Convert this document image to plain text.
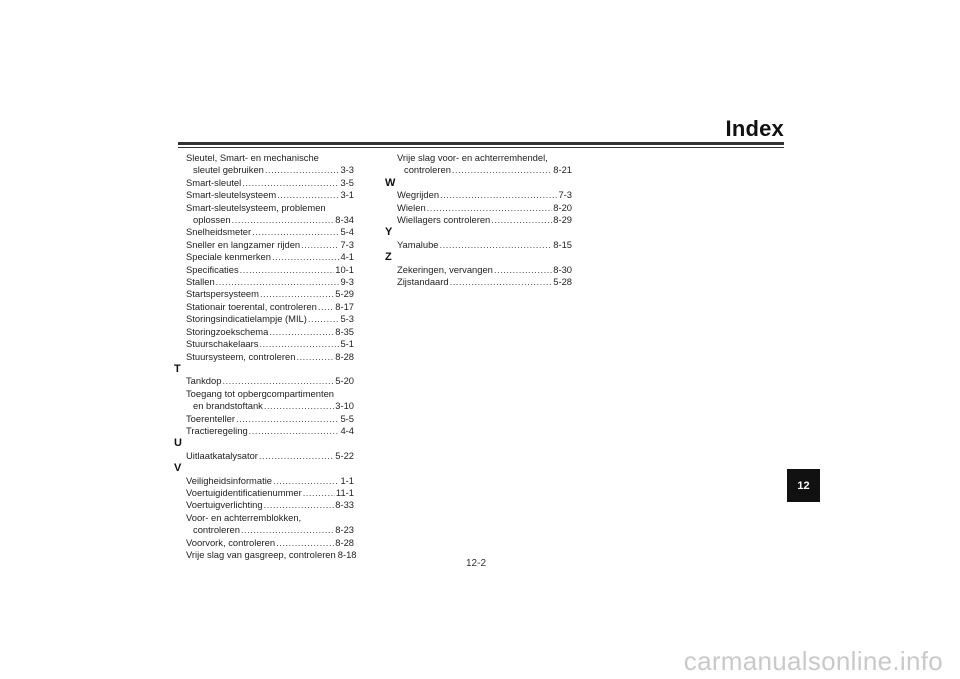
Index
Sleutel, Smart- en mechanische
sleutel gebruiken .....	3-3
Smart-sleutel .....	3-5
Smart-sleutelsysteem .....	3-1
Smart-sleutelsysteem, problemen
oplossen .....	8-34
Snelheidsmeter .....	5-4
Sneller en langzamer rijden .....	7-3
Speciale kenmerken .....	4-1
Specificaties .....	10-1
Stallen .....	9-3
Startspersysteem .....	5-29
Stationair toerental, controleren ..... 8-17
Storingsindicatielampje (MIL) .....	5-3
Storingzoekschema .....	8-35
Stuurschakelaars .....	5-1
Stuursysteem, controleren .....	8-28
T
Tankdop .....	5-20
Toegang tot opbergcompartimenten
en brandstoftank .....	3-10
Toerenteller .....	5-5
Tractieregeling .....	4-4
U
Uitlaatkatalysator .....	5-22
V
Veiligheidsinformatie .....	1-1
Voertuigidentificatienummer .....	11-1
Voertuigverlichting .....	8-33
Voor- en achterremblokken,
controleren .....	8-23
Voorvork, controleren .....	8-28
Vrije slag van gasgreep, controleren 8-18
Vrije slag voor- en achterremhendel,
controleren .....	8-21
W
Wegrijden .....	7-3
Wielen .....	8-20
Wiellagers controleren .....	8-29
Y
Yamalube .....	8-15
Z
Zekeringen, vervangen .....	8-30
Zijstandaard .....	5-28
12
12-2
carmanualsonline.info
